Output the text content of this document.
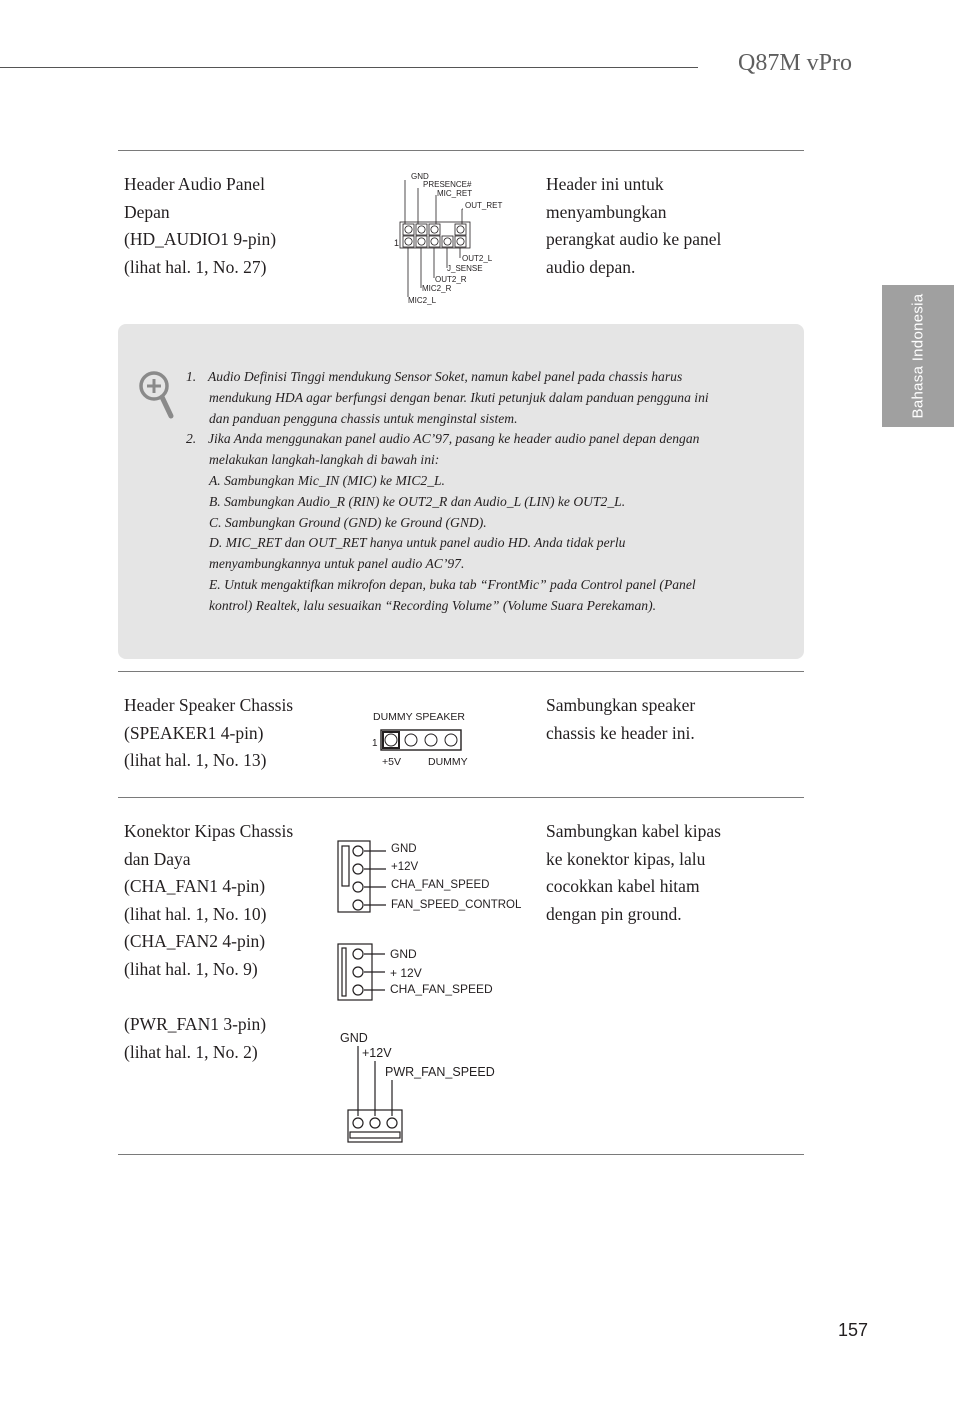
Q87M vPro
Bahasa Indonesia
Header Audio Panel
Depan
(HD_AUDIO1 9-pin)
(lihat hal. 1, No. 27)
Header ini untuk
menyambungkan
perangkat audio ke panel
audio depan.
GND
PRESENCE#
MIC_RET
OUT_RET
1
OUT2_L
J_SENSE
OUT2_R
MIC2_R
MIC2_L
1. Audio Definisi Tinggi mendukung Sensor Soket, namun kabel panel pada chassis harus
mendukung HDA agar berfungsi dengan benar. Ikuti petunjuk dalam panduan pengguna ini
dan panduan pengguna chassis untuk menginstal sistem.
2. Jika Anda menggunakan panel audio AC’97, pasang ke header audio panel depan dengan
melakukan langkah-langkah di bawah ini:
A. Sambungkan Mic_IN (MIC) ke MIC2_L.
B. Sambungkan Audio_R (RIN) ke OUT2_R dan Audio_L (LIN) ke OUT2_L.
C. Sambungkan Ground (GND) ke Ground (GND).
D. MIC_RET dan OUT_RET hanya untuk panel audio HD. Anda tidak perlu
menyambungkannya untuk panel audio AC’97.
E. Untuk mengaktifkan mikrofon depan, buka tab “FrontMic” pada Control panel (Panel
kontrol) Realtek, lalu sesuaikan “Recording Volume” (Volume Suara Perekaman).
Header Speaker Chassis
(SPEAKER1 4-pin)
(lihat hal. 1, No. 13)
Sambungkan speaker
chassis ke header ini.
DUMMY SPEAKER
1
+5V	DUMMY
Konektor Kipas Chassis
dan Daya
(CHA_FAN1 4-pin)
(lihat hal. 1, No. 10)
(CHA_FAN2 4-pin)
(lihat hal. 1, No. 9)

(PWR_FAN1 3-pin)
(lihat hal. 1, No. 2)
Sambungkan kabel kipas
ke konektor kipas, lalu
cocokkan kabel hitam
dengan pin ground.
GND
+12V
CHA_FAN_SPEED
FAN_SPEED_CONTROL
GND
+ 12V
CHA_FAN_SPEED
GND
+12V
PWR_FAN_SPEED
157
